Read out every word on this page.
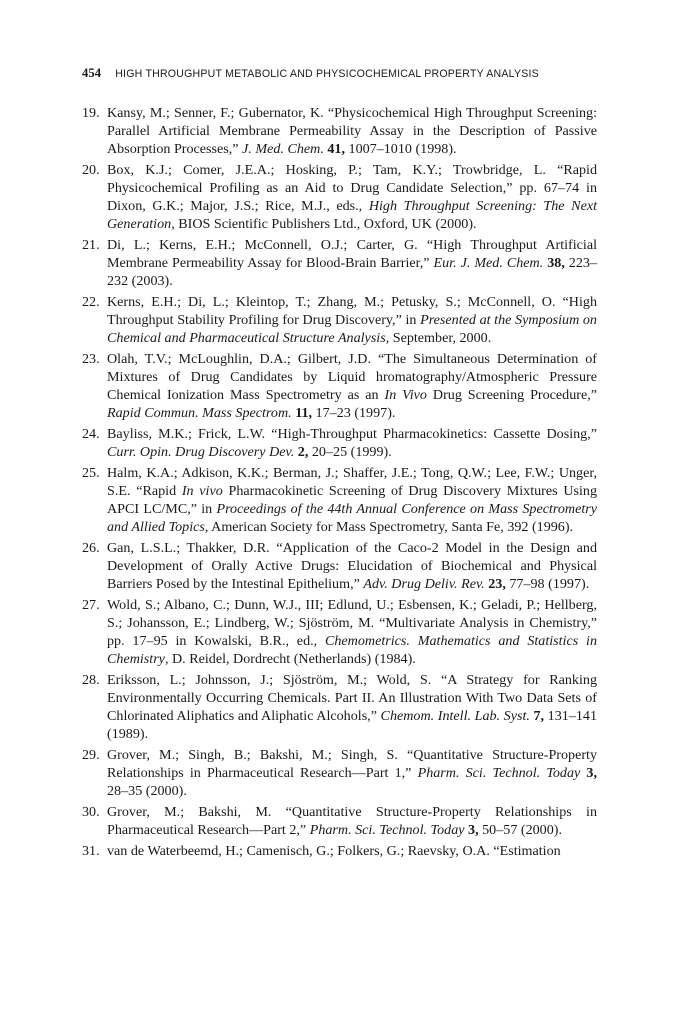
454 HIGH THROUGHPUT METABOLIC AND PHYSICOCHEMICAL PROPERTY ANALYSIS
19. Kansy, M.; Senner, F.; Gubernator, K. “Physicochemical High Throughput Screening: Parallel Artificial Membrane Permeability Assay in the Description of Passive Absorption Processes,” J. Med. Chem. 41, 1007–1010 (1998).
20. Box, K.J.; Comer, J.E.A.; Hosking, P.; Tam, K.Y.; Trowbridge, L. “Rapid Physicochemical Profiling as an Aid to Drug Candidate Selection,” pp. 67–74 in Dixon, G.K.; Major, J.S.; Rice, M.J., eds., High Throughput Screening: The Next Generation, BIOS Scientific Publishers Ltd., Oxford, UK (2000).
21. Di, L.; Kerns, E.H.; McConnell, O.J.; Carter, G. “High Throughput Artificial Membrane Permeability Assay for Blood-Brain Barrier,” Eur. J. Med. Chem. 38, 223–232 (2003).
22. Kerns, E.H.; Di, L.; Kleintop, T.; Zhang, M.; Petusky, S.; McConnell, O. “High Throughput Stability Profiling for Drug Discovery,” in Presented at the Symposium on Chemical and Pharmaceutical Structure Analysis, September, 2000.
23. Olah, T.V.; McLoughlin, D.A.; Gilbert, J.D. “The Simultaneous Determination of Mixtures of Drug Candidates by Liquid hromatography/Atmospheric Pressure Chemical Ionization Mass Spectrometry as an In Vivo Drug Screening Procedure,” Rapid Commun. Mass Spectrom. 11, 17–23 (1997).
24. Bayliss, M.K.; Frick, L.W. “High-Throughput Pharmacokinetics: Cassette Dosing,” Curr. Opin. Drug Discovery Dev. 2, 20–25 (1999).
25. Halm, K.A.; Adkison, K.K.; Berman, J.; Shaffer, J.E.; Tong, Q.W.; Lee, F.W.; Unger, S.E. “Rapid In vivo Pharmacokinetic Screening of Drug Discovery Mixtures Using APCI LC/MC,” in Proceedings of the 44th Annual Conference on Mass Spectrometry and Allied Topics, American Society for Mass Spectrometry, Santa Fe, 392 (1996).
26. Gan, L.S.L.; Thakker, D.R. “Application of the Caco-2 Model in the Design and Development of Orally Active Drugs: Elucidation of Biochemical and Physical Barriers Posed by the Intestinal Epithelium,” Adv. Drug Deliv. Rev. 23, 77–98 (1997).
27. Wold, S.; Albano, C.; Dunn, W.J., III; Edlund, U.; Esbensen, K.; Geladi, P.; Hellberg, S.; Johansson, E.; Lindberg, W.; Sjöström, M. “Multivariate Analysis in Chemistry,” pp. 17–95 in Kowalski, B.R., ed., Chemometrics. Mathematics and Statistics in Chemistry, D. Reidel, Dordrecht (Netherlands) (1984).
28. Eriksson, L.; Johnsson, J.; Sjöström, M.; Wold, S. “A Strategy for Ranking Environmentally Occurring Chemicals. Part II. An Illustration With Two Data Sets of Chlorinated Aliphatics and Aliphatic Alcohols,” Chemom. Intell. Lab. Syst. 7, 131–141 (1989).
29. Grover, M.; Singh, B.; Bakshi, M.; Singh, S. “Quantitative Structure-Property Relationships in Pharmaceutical Research—Part 1,” Pharm. Sci. Technol. Today 3, 28–35 (2000).
30. Grover, M.; Bakshi, M. “Quantitative Structure-Property Relationships in Pharmaceutical Research—Part 2,” Pharm. Sci. Technol. Today 3, 50–57 (2000).
31. van de Waterbeemd, H.; Camenisch, G.; Folkers, G.; Raevsky, O.A. “Estimation
